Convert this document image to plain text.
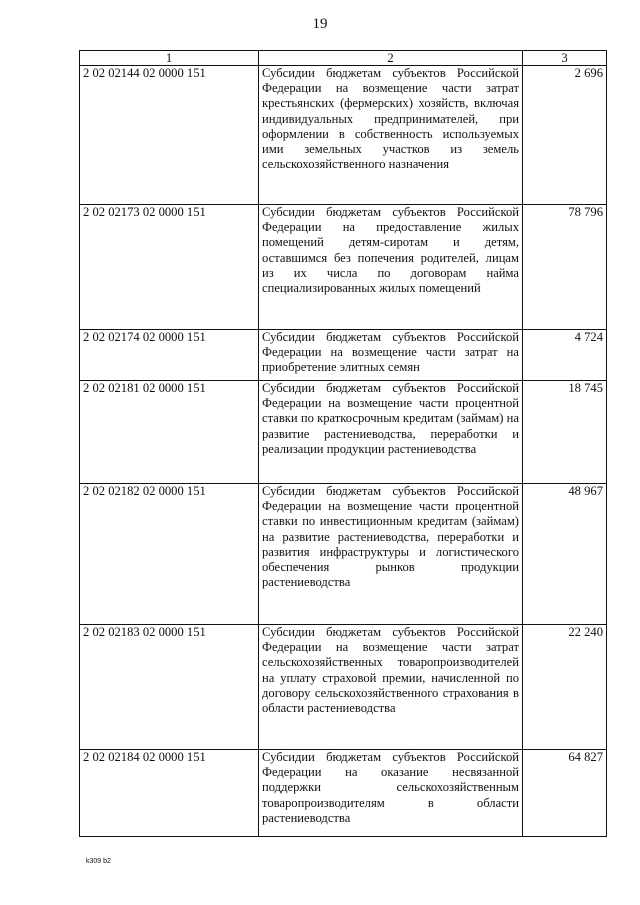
19
1	2	3
2 02 02144 02 0000 151	Субсидии бюджетам субъектов Российской Федерации на возмещение части затрат крестьянских (фермерских) хозяйств, включая индивидуальных предпринимателей, при оформлении в собственность используемых ими земельных участков из земель сельскохозяйственного назначения	2 696
2 02 02173 02 0000 151	Субсидии бюджетам субъектов Российской Федерации на предоставление жилых помещений детям-сиротам и детям, оставшимся без попечения родителей, лицам из их числа по договорам найма специализированных жилых помещений	78 796
2 02 02174 02 0000 151	Субсидии бюджетам субъектов Российской Федерации на возмещение части затрат на приобретение элитных семян	4 724
2 02 02181 02 0000 151	Субсидии бюджетам субъектов Российской Федерации на возмещение части процентной ставки по краткосрочным кредитам (займам) на развитие растениеводства, переработки и реализации продукции растениеводства	18 745
2 02 02182 02 0000 151	Субсидии бюджетам субъектов Российской Федерации на возмещение части процентной ставки по инвестиционным кредитам (займам) на развитие растениеводства, переработки и развития инфраструктуры и логистического обеспечения рынков продукции растениеводства	48 967
2 02 02183 02 0000 151	Субсидии бюджетам субъектов Российской Федерации на возмещение части затрат сельскохозяйственных товаропроизводителей на уплату страховой премии, начисленной по договору сельскохозяйственного страхования в области растениеводства	22 240
2 02 02184 02 0000 151	Субсидии бюджетам субъектов Российской Федерации на оказание несвязанной поддержки сельскохозяйственным товаропроизводителям в области растениеводства	64 827
k309 b2
